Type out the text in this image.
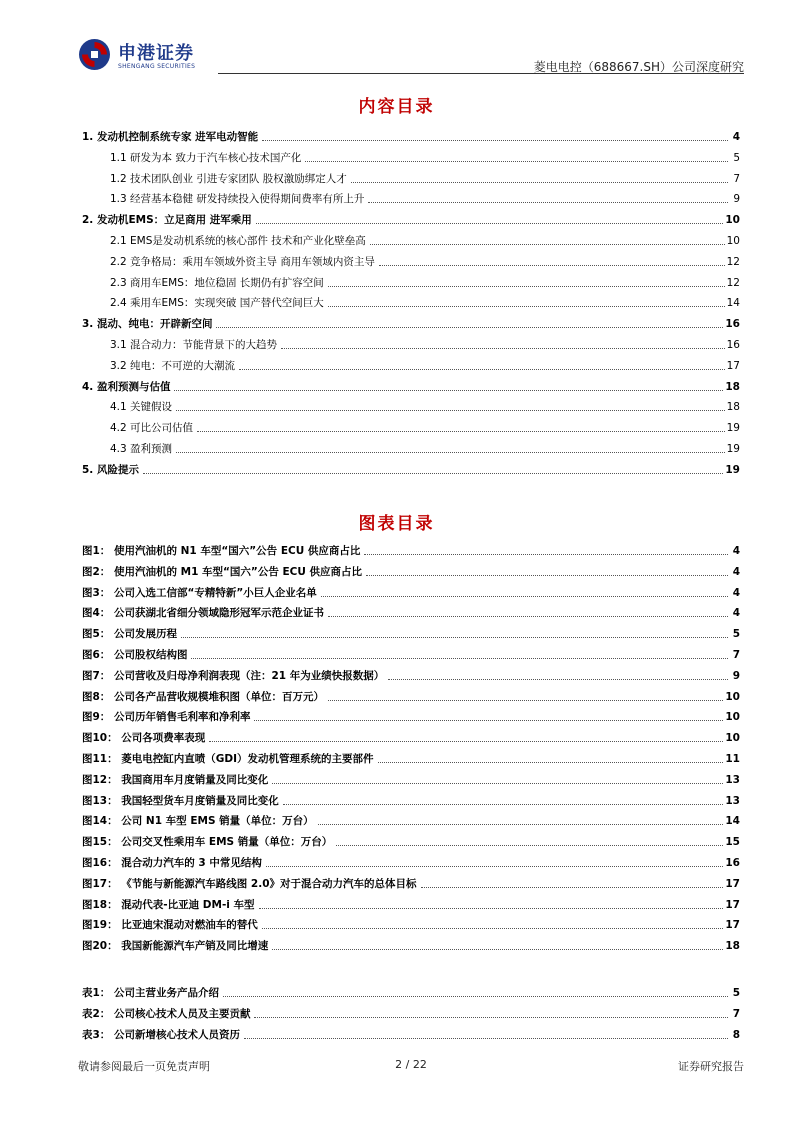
申港证券
SHENGANG SECURITIES	菱电电控（688667.SH）公司深度研究
内容目录
1. 发动机控制系统专家 进军电动智能	4
1.1 研发为本 致力于汽车核心技术国产化	5
1.2 技术团队创业 引进专家团队 股权激励绑定人才	7
1.3 经营基本稳健 研发持续投入使得期间费率有所上升	9
2. 发动机EMS：立足商用 进军乘用	10
2.1 EMS是发动机系统的核心部件 技术和产业化壁垒高	10
2.2 竞争格局：乘用车领域外资主导 商用车领域内资主导	12
2.3 商用车EMS：地位稳固 长期仍有扩容空间	12
2.4 乘用车EMS：实现突破 国产替代空间巨大	14
3. 混动、纯电：开辟新空间	16
3.1 混合动力：节能背景下的大趋势	16
3.2 纯电：不可逆的大潮流	17
4. 盈利预测与估值	18
4.1 关键假设	18
4.2 可比公司估值	19
4.3 盈利预测	19
5. 风险提示	19
图表目录
图1： 使用汽油机的 N1 车型“国六”公告 ECU 供应商占比	4
图2： 使用汽油机的 M1 车型“国六”公告 ECU 供应商占比	4
图3： 公司入选工信部“专精特新”小巨人企业名单	4
图4： 公司获湖北省细分领域隐形冠军示范企业证书	4
图5： 公司发展历程	5
图6： 公司股权结构图	7
图7： 公司营收及归母净利润表现（注：21 年为业绩快报数据）	9
图8： 公司各产品营收规模堆积图（单位：百万元）	10
图9： 公司历年销售毛利率和净利率	10
图10： 公司各项费率表现	10
图11： 菱电电控缸内直喷（GDI）发动机管理系统的主要部件	11
图12： 我国商用车月度销量及同比变化	13
图13： 我国轻型货车月度销量及同比变化	13
图14： 公司 N1 车型 EMS 销量（单位：万台）	14
图15： 公司交叉性乘用车 EMS 销量（单位：万台）	15
图16： 混合动力汽车的 3 中常见结构	16
图17： 《节能与新能源汽车路线图 2.0》对于混合动力汽车的总体目标	17
图18： 混动代表-比亚迪 DM-i 车型	17
图19： 比亚迪宋混动对燃油车的替代	17
图20： 我国新能源汽车产销及同比增速	18
表1： 公司主营业务产品介绍	5
表2： 公司核心技术人员及主要贡献	7
表3： 公司新增核心技术人员资历	8
敬请参阅最后一页免责声明	2 / 22	证券研究报告
